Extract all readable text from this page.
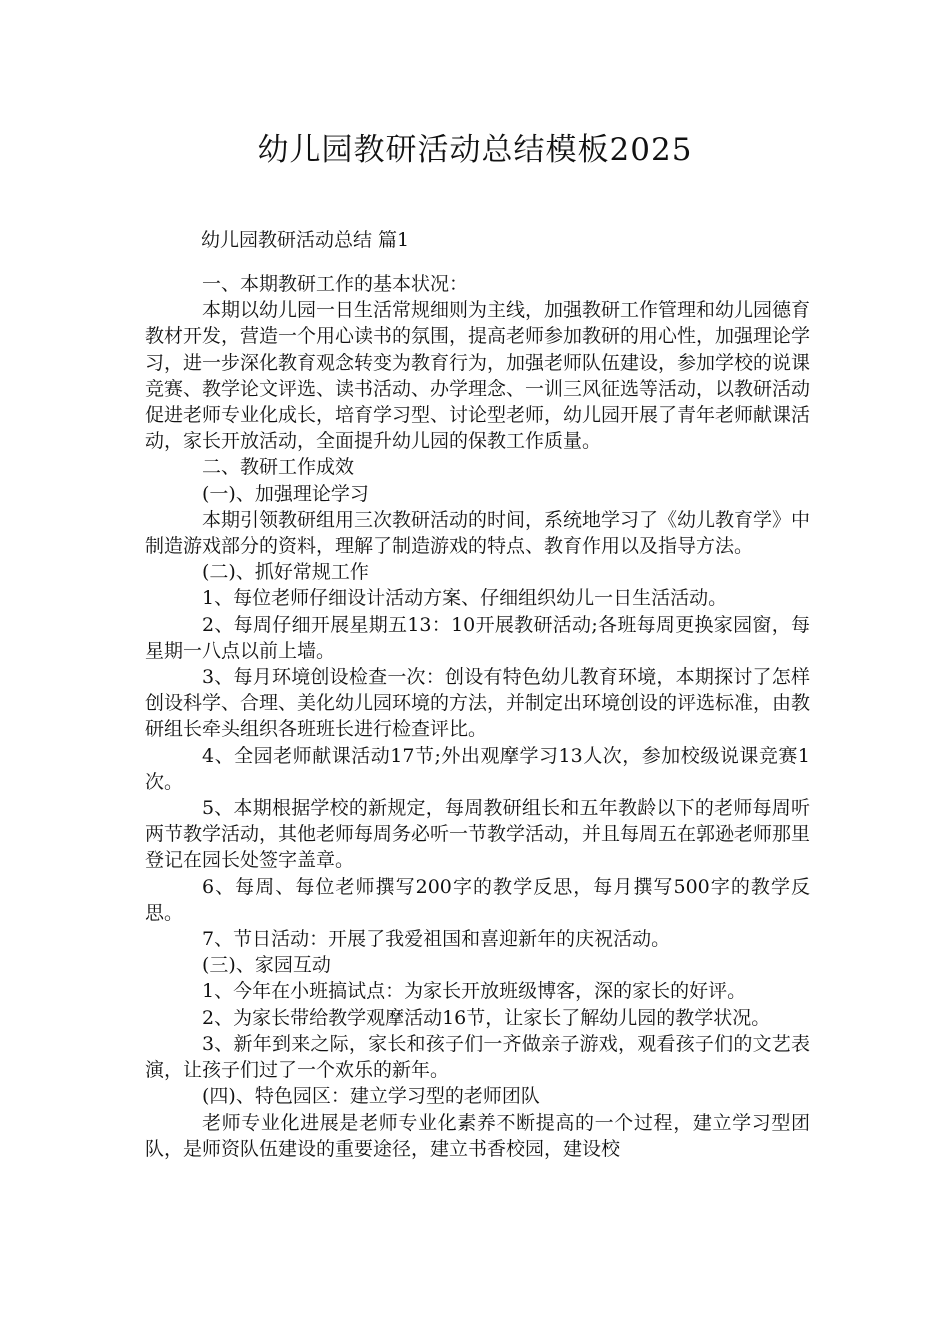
幼儿园教研活动总结模板2025
幼儿园教研活动总结 篇1

一、本期教研工作的基本状况：

本期以幼儿园一日生活常规细则为主线，加强教研工作管理和幼儿园德育教材开发，营造一个用心读书的氛围，提高老师参加教研的用心性，加强理论学习，进一步深化教育观念转变为教育行为，加强老师队伍建设，参加学校的说课竞赛、教学论文评选、读书活动、办学理念、一训三风征选等活动，以教研活动促进老师专业化成长，培育学习型、讨论型老师，幼儿园开展了青年老师献课活动，家长开放活动，全面提升幼儿园的保教工作质量。

二、教研工作成效

(一)、加强理论学习

本期引领教研组用三次教研活动的时间，系统地学习了《幼儿教育学》中制造游戏部分的资料，理解了制造游戏的特点、教育作用以及指导方法。

(二)、抓好常规工作

1、每位老师仔细设计活动方案、仔细组织幼儿一日生活活动。

2、每周仔细开展星期五13：10开展教研活动;各班每周更换家园窗，每星期一八点以前上墙。

3、每月环境创设检查一次：创设有特色幼儿教育环境，本期探讨了怎样创设科学、合理、美化幼儿园环境的方法，并制定出环境创设的评选标准，由教研组长牵头组织各班班长进行检查评比。

4、全园老师献课活动17节;外出观摩学习13人次，参加校级说课竞赛1次。

5、本期根据学校的新规定，每周教研组长和五年教龄以下的老师每周听两节教学活动，其他老师每周务必听一节教学活动，并且每周五在郭逊老师那里登记在园长处签字盖章。

6、每周、每位老师撰写200字的教学反思，每月撰写500字的教学反思。

7、节日活动：开展了我爱祖国和喜迎新年的庆祝活动。

(三)、家园互动

1、今年在小班搞试点：为家长开放班级博客，深的家长的好评。

2、为家长带给教学观摩活动16节，让家长了解幼儿园的教学状况。

3、新年到来之际，家长和孩子们一齐做亲子游戏，观看孩子们的文艺表演，让孩子们过了一个欢乐的新年。

(四)、特色园区：建立学习型的老师团队

老师专业化进展是老师专业化素养不断提高的一个过程，建立学习型团队，是师资队伍建设的重要途径，建立书香校园，建设校
